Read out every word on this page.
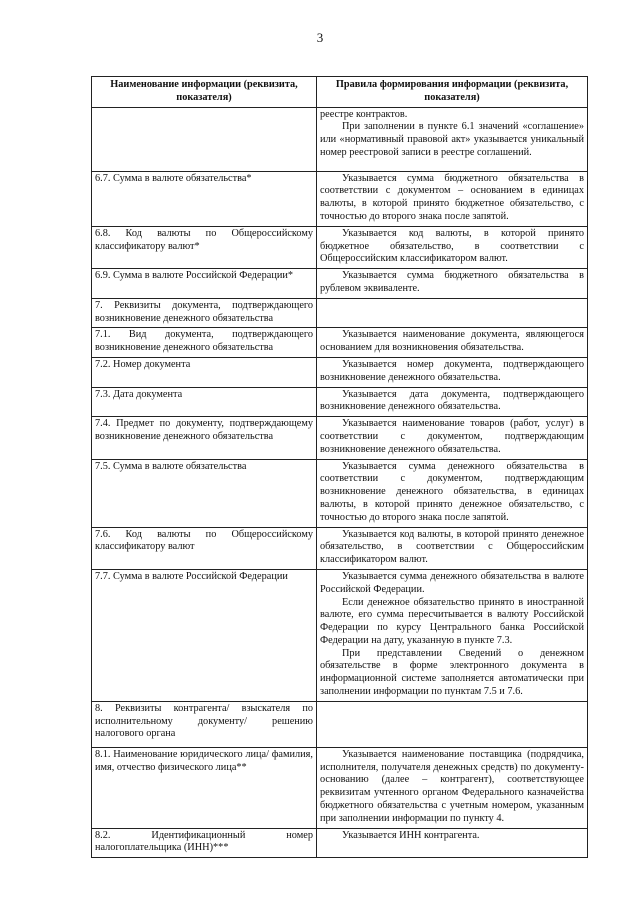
3
Наименование информации (реквизита, показателя)	Правила формирования информации (реквизита, показателя)

	реестре контрактов.

При заполнении в пункте 6.1 значений «соглашение» или «нормативный правовой акт» указывается уникальный номер реестровой записи в реестре соглашений.

6.7. Сумма в валюте обязательства*	Указывается сумма бюджетного обязательства в соответствии с документом – основанием в единицах валюты, в которой принято бюджетное обязательство, с точностью до второго знака после запятой.

6.8. Код валюты по Общероссийскому классификатору валют*	Указывается код валюты, в которой принято бюджетное обязательство, в соответствии с Общероссийским классификатором валют.

6.9. Сумма в валюте Российской Федерации*	Указывается сумма бюджетного обязательства в рублевом эквиваленте.

7. Реквизиты документа, подтверждающего возникновение денежного обязательства	
7.1. Вид документа, подтверждающего возникновение денежного обязательства	Указывается наименование документа, являющегося основанием для возникновения обязательства.

7.2. Номер документа	Указывается номер документа, подтверждающего возникновение денежного обязательства.

7.3. Дата документа	Указывается дата документа, подтверждающего возникновение денежного обязательства.

7.4. Предмет по документу, подтверждающему возникновение денежного обязательства	Указывается наименование товаров (работ, услуг) в соответствии с документом, подтверждающим возникновение денежного обязательства.

7.5. Сумма в валюте обязательства	Указывается сумма денежного обязательства в соответствии с документом, подтверждающим возникновение денежного обязательства, в единицах валюты, в которой принято денежное обязательство, с точностью до второго знака после запятой.

7.6. Код валюты по Общероссийскому классификатору валют	Указывается код валюты, в которой принято денежное обязательство, в соответствии с Общероссийским классификатором валют.

7.7. Сумма в валюте Российской Федерации	Указывается сумма денежного обязательства в валюте Российской Федерации.

Если денежное обязательство принято в иностранной валюте, его сумма пересчитывается в валюту Российской Федерации по курсу Центрального банка Российской Федерации на дату, указанную в пункте 7.3.

При представлении Сведений о денежном обязательстве в форме электронного документа в информационной системе заполняется автоматически при заполнении информации по пунктам 7.5 и 7.6.

8. Реквизиты контрагента/ взыскателя по исполнительному документу/ решению налогового органа	
8.1. Наименование юридического лица/ фамилия, имя, отчество физического лица**	Указывается наименование поставщика (подрядчика, исполнителя, получателя денежных средств) по документу-основанию (далее – контрагент), соответствующее реквизитам учтенного органом Федерального казначейства бюджетного обязательства с учетным номером, указанным при заполнении информации по пункту 4.

8.2. Идентификационный номер налогоплательщика (ИНН)***	Указывается ИНН контрагента.
